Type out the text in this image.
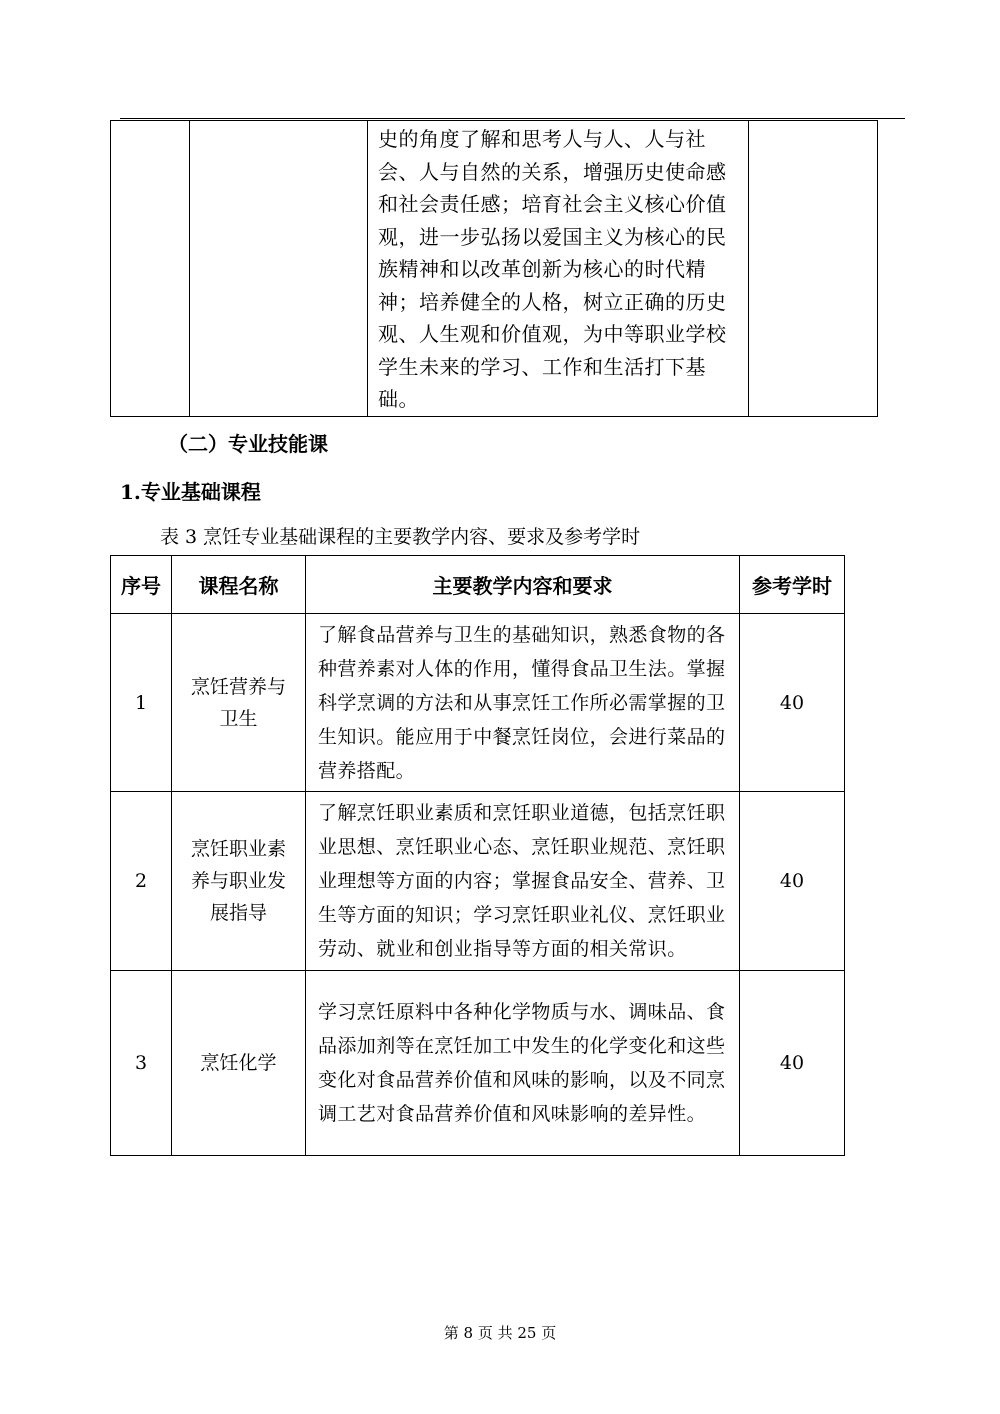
史的角度了解和思考人与人、人与社会、人与自然的关系，增强历史使命感和社会责任感；培育社会主义核心价值观，进一步弘扬以爱国主义为核心的民族精神和以改革创新为核心的时代精神；培养健全的人格，树立正确的历史观、人生观和价值观，为中等职业学校学生未来的学习、工作和生活打下基础。

（二）专业技能课
1.专业基础课程
表 3 烹饪专业基础课程的主要教学内容、要求及参考学时
序号	课程名称	主要教学内容和要求	参考学时
1	烹饪营养与卫生	了解食品营养与卫生的基础知识，熟悉食物的各种营养素对人体的作用，懂得食品卫生法。掌握科学烹调的方法和从事烹饪工作所必需掌握的卫生知识。能应用于中餐烹饪岗位，会进行菜品的营养搭配。	40
2	烹饪职业素养与职业发展指导	了解烹饪职业素质和烹饪职业道德，包括烹饪职业思想、烹饪职业心态、烹饪职业规范、烹饪职业理想等方面的内容；掌握食品安全、营养、卫生等方面的知识；学习烹饪职业礼仪、烹饪职业劳动、就业和创业指导等方面的相关常识。	40
3	烹饪化学	学习烹饪原料中各种化学物质与水、调味品、食品添加剂等在烹饪加工中发生的化学变化和这些变化对食品营养价值和风味的影响，以及不同烹调工艺对食品营养价值和风味影响的差异性。	40
第 8 页 共 25 页
